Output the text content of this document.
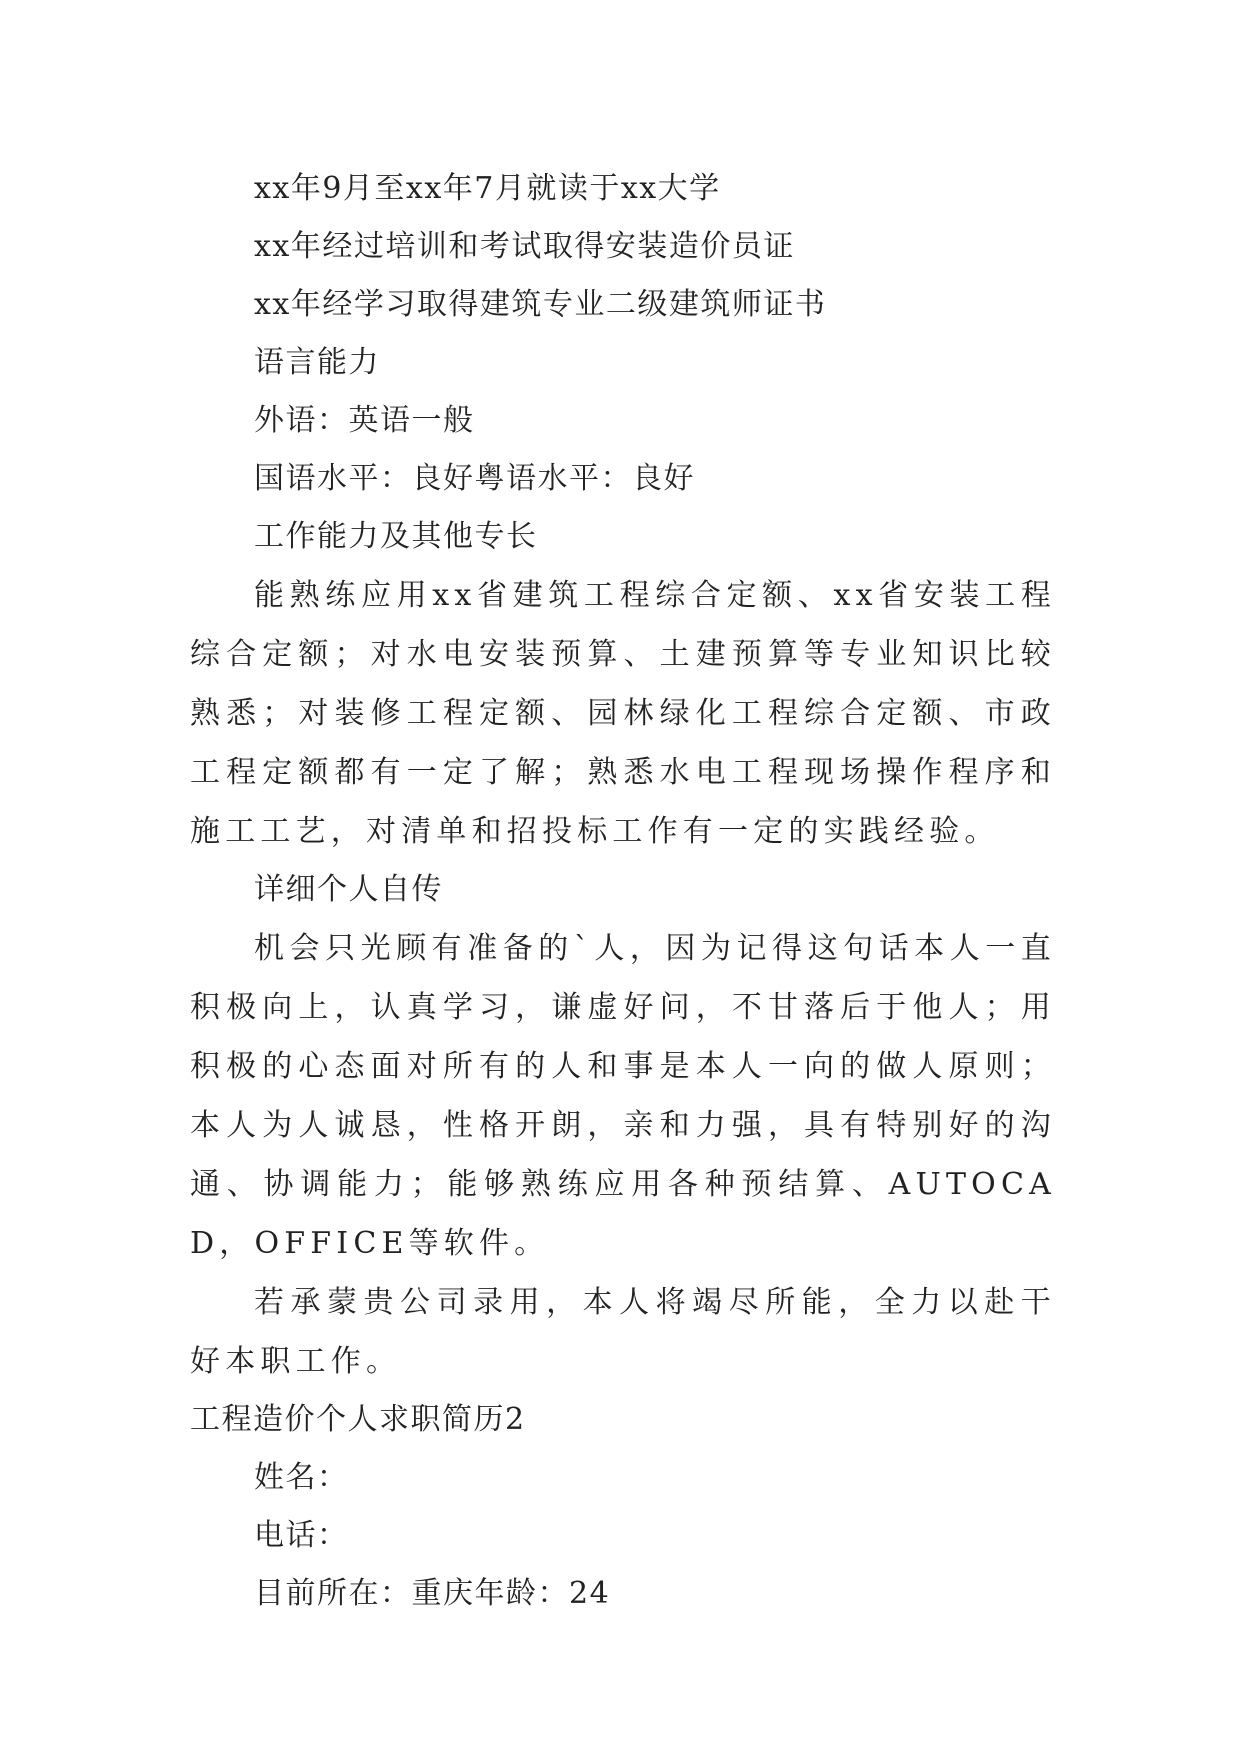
xx年9月至xx年7月就读于xx大学
xx年经过培训和考试取得安装造价员证
xx年经学习取得建筑专业二级建筑师证书
语言能力
外语：英语一般
国语水平：良好粤语水平：良好
工作能力及其他专长

能熟练应用xx省建筑工程综合定额、xx省安装工程综合定额；对水电安装预算、土建预算等专业知识比较熟悉；对装修工程定额、园林绿化工程综合定额、市政工程定额都有一定了解；熟悉水电工程现场操作程序和施工工艺，对清单和招投标工作有一定的实践经验。

详细个人自传

机会只光顾有准备的`人，因为记得这句话本人一直积极向上，认真学习，谦虚好问，不甘落后于他人；用积极的心态面对所有的人和事是本人一向的做人原则；本人为人诚恳，性格开朗，亲和力强，具有特别好的沟通、协调能力；能够熟练应用各种预结算、AUTOCAD，OFFICE等软件。

若承蒙贵公司录用，本人将竭尽所能，全力以赴干好本职工作。

工程造价个人求职简历2
姓名：
电话：
目前所在：重庆年龄：24
